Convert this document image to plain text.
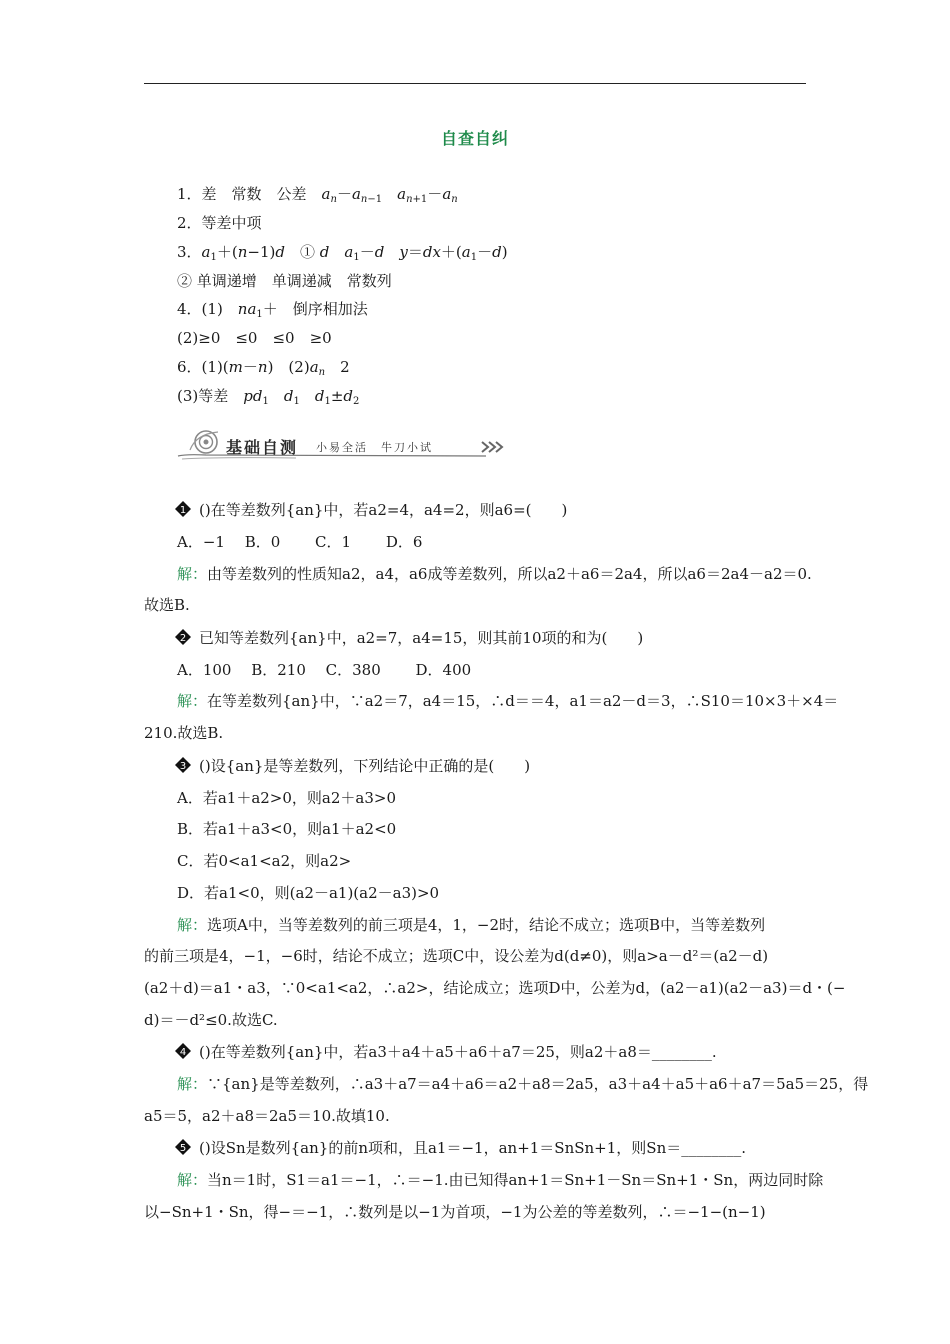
自查自纠
1．差　常数　公差　$a_n-a_{n-1}$　 $a_{n+1}-a_n$
2．等差中项
3．$a_1+(n-1)d$　① d　 $a_1-d$　 $y=dx+(a_1-d)$
② 单调递增　单调递减　常数列
4．(1)　$na_1+$　倒序相加法
(2)≥0　≤0　≤0　≥0
6．(1)(m－n)　$(2)a_n$　2
(3)等差　$pd_1$　 $d_1$　 $d_1\pm d_2$
基础自测 小易全活　牛刀小试
1 ()在等差数列{an}中，若a2=4，a4=2，则a6=(　　)
A．−1　 B．0　　 C．1　　 D．6
解：由等差数列的性质知a2，a4，a6成等差数列，所以a2＋a6＝2a4，所以a6＝2a4－a2＝0.
故选B.
2 已知等差数列{an}中，a2=7，a4=15，则其前10项的和为(　　)
A．100　 B．210　 C．380　　 D．400
解：在等差数列{an}中，∵a2＝7，a4＝15，∴d＝＝4，a1＝a2－d＝3，∴S10＝10×3＋×4＝
210.故选B.
3 ()设{an}是等差数列，下列结论中正确的是(　　)
A．若a1＋a2>0，则a2＋a3>0
B．若a1＋a3<0，则a1＋a2<0
C．若0<a1<a2，则a2>
D．若a1<0，则(a2－a1)(a2－a3)>0
解：选项A中，当等差数列的前三项是4，1，−2时，结论不成立；选项B中，当等差数列
的前三项是4，−1，−6时，结论不成立；选项C中，设公差为d(d≠0)，则a>a－d²＝(a2－d)
(a2＋d)＝a1・a3，∵0<a1<a2，∴a2>，结论成立；选项D中，公差为d，(a2－a1)(a2－a3)＝d・(−
d)＝－d²≤0.故选C.
4 ()在等差数列{an}中，若a3＋a4＋a5＋a6＋a7＝25，则a2＋a8＝________.
解：∵{an}是等差数列，∴a3＋a7＝a4＋a6＝a2＋a8＝2a5，a3＋a4＋a5＋a6＋a7＝5a5＝25，得
a5＝5，a2＋a8＝2a5＝10.故填10.
5 ()设Sn是数列{an}的前n项和，且a1＝−1，an+1＝SnSn+1，则Sn＝________.
解：当n＝1时，S1＝a1＝−1，∴＝−1.由已知得an+1＝Sn+1－Sn＝Sn+1・Sn，两边同时除
以−Sn+1・Sn，得−＝−1，∴数列是以−1为首项，−1为公差的等差数列，∴＝−1−(n−1)
